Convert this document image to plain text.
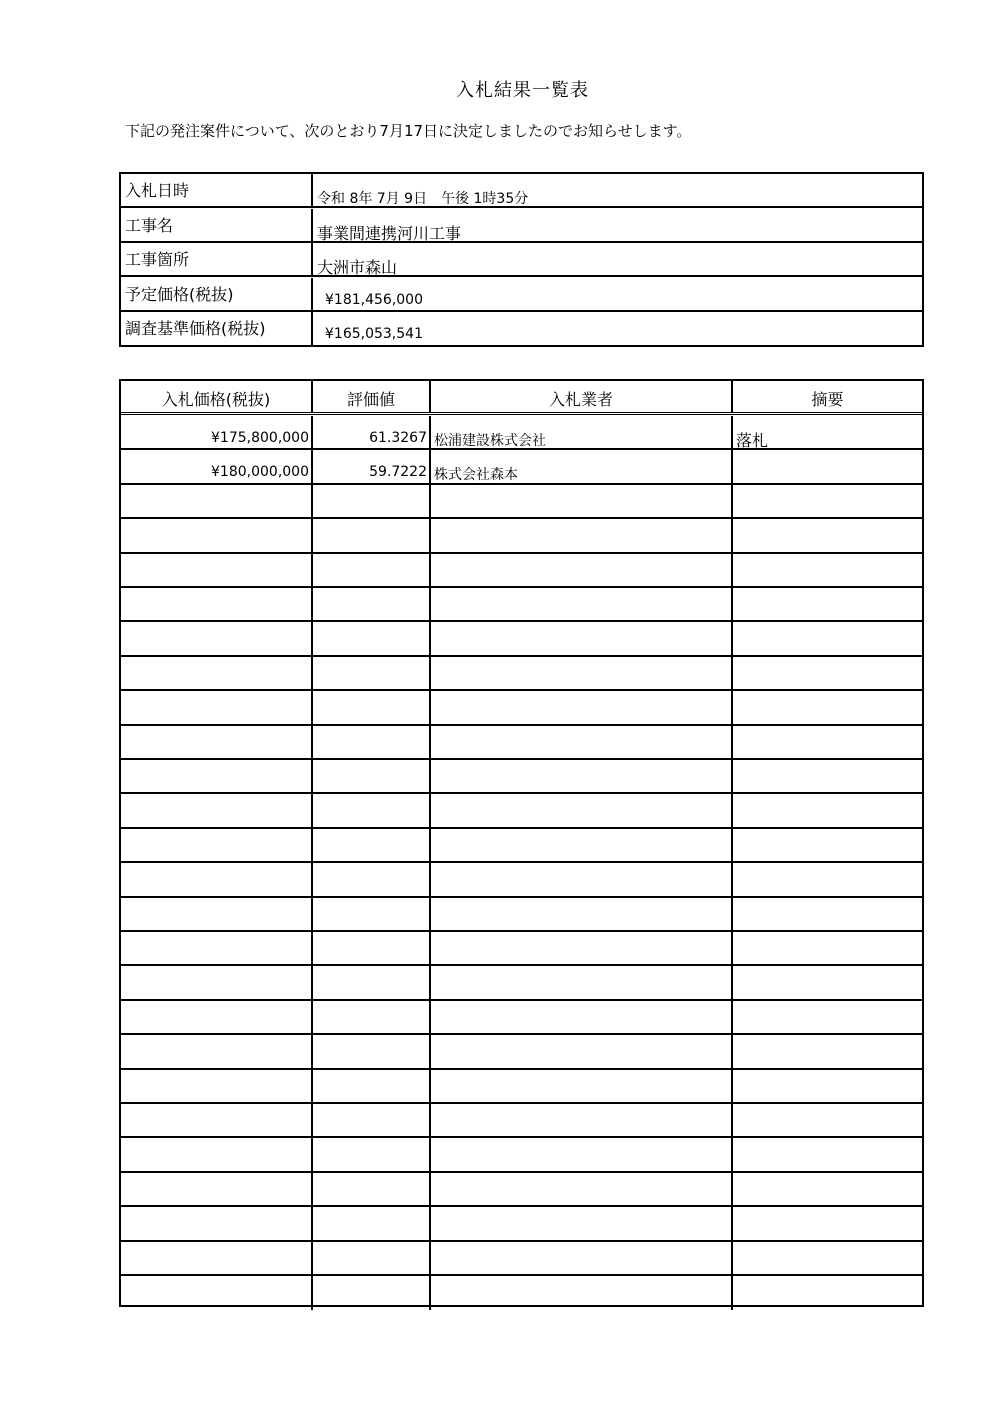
入札結果一覧表
下記の発注案件について、次のとおり7月17日に決定しましたのでお知らせします。
入札日時	令和 8年 7月 9日　午後 1時35分
工事名	事業間連携河川工事
工事箇所	大洲市森山
予定価格(税抜)	¥181,456,000
調査基準価格(税抜)	¥165,053,541
入札価格(税抜)	評価値	入札業者	摘要
¥175,800,000	61.3267 松浦建設株式会社	落札
¥180,000,000	59.7222 株式会社森本
